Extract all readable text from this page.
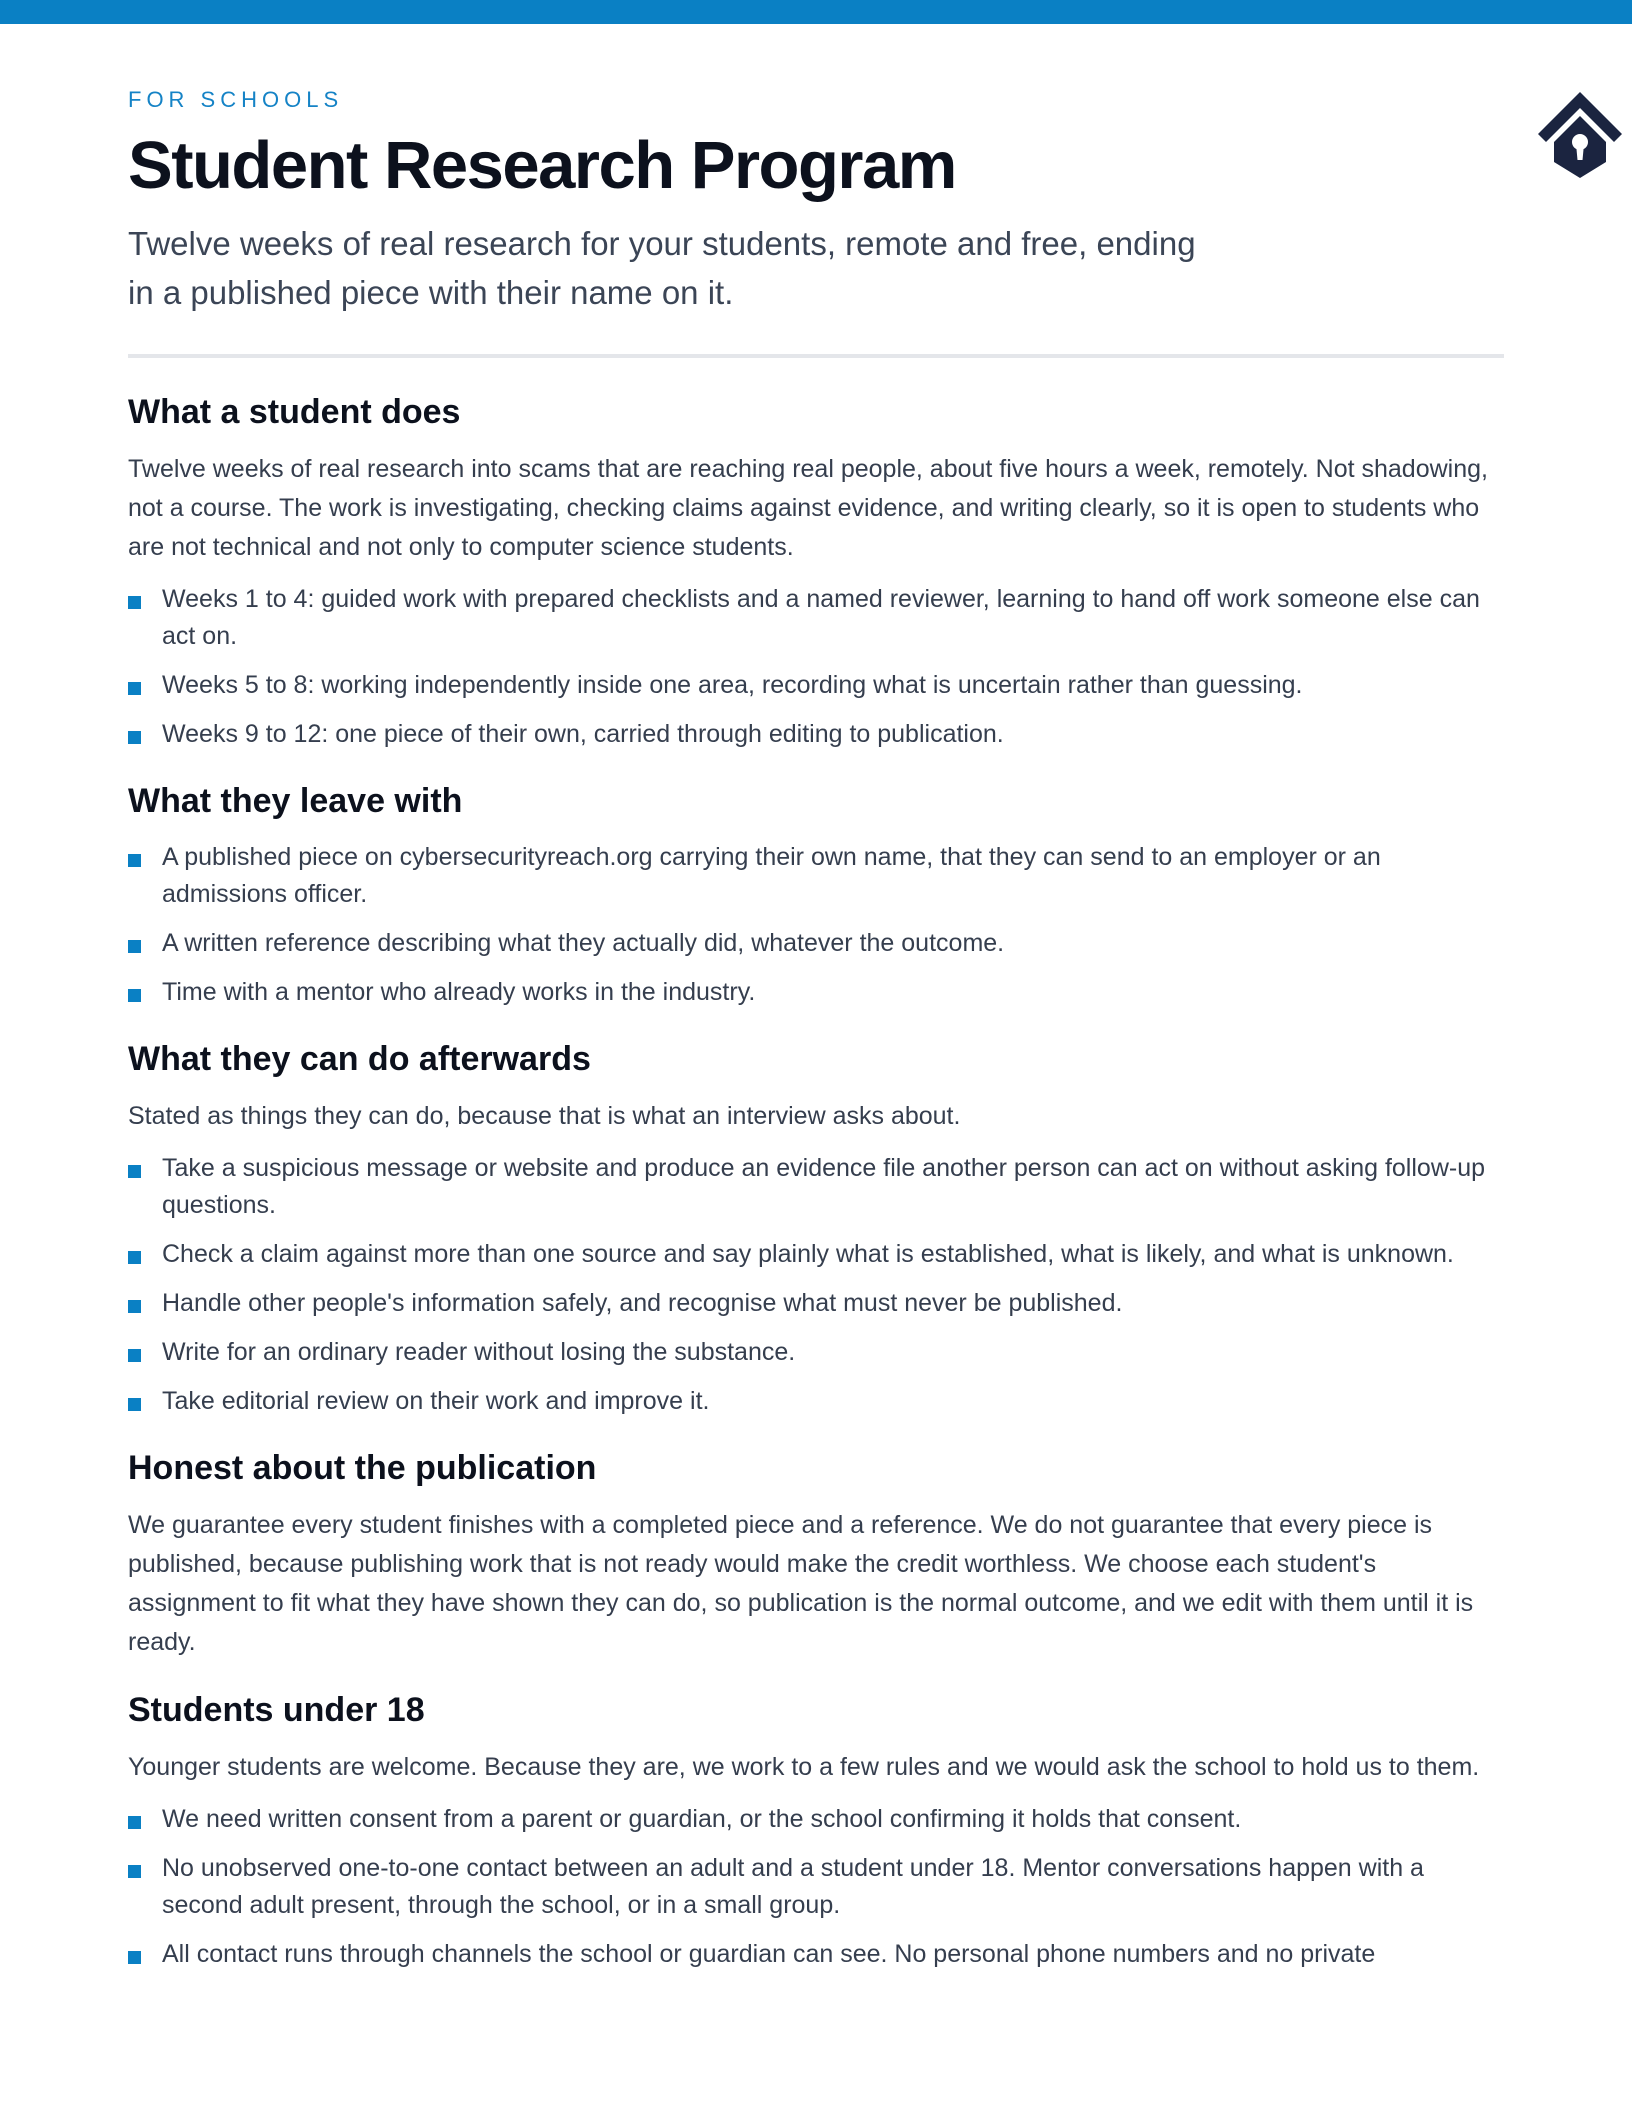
FOR SCHOOLS
Student Research Program

Twelve weeks of real research for your students, remote and free, ending in a published piece with their name on it.

What a student does

Twelve weeks of real research into scams that are reaching real people, about five hours a week, remotely. Not shadowing, not a course. The work is investigating, checking claims against evidence, and writing clearly, so it is open to students who are not technical and not only to computer science students.

Weeks 1 to 4: guided work with prepared checklists and a named reviewer, learning to hand off work someone else can act on.
Weeks 5 to 8: working independently inside one area, recording what is uncertain rather than guessing.
Weeks 9 to 12: one piece of their own, carried through editing to publication.
What they leave with
A published piece on cybersecurityreach.org carrying their own name, that they can send to an employer or an admissions officer.
A written reference describing what they actually did, whatever the outcome.
Time with a mentor who already works in the industry.
What they can do afterwards

Stated as things they can do, because that is what an interview asks about.

Take a suspicious message or website and produce an evidence file another person can act on without asking follow-up questions.
Check a claim against more than one source and say plainly what is established, what is likely, and what is unknown.
Handle other people's information safely, and recognise what must never be published.
Write for an ordinary reader without losing the substance.
Take editorial review on their work and improve it.
Honest about the publication

We guarantee every student finishes with a completed piece and a reference. We do not guarantee that every piece is published, because publishing work that is not ready would make the credit worthless. We choose each student's assignment to fit what they have shown they can do, so publication is the normal outcome, and we edit with them until it is ready.

Students under 18

Younger students are welcome. Because they are, we work to a few rules and we would ask the school to hold us to them.

We need written consent from a parent or guardian, or the school confirming it holds that consent.
No unobserved one-to-one contact between an adult and a student under 18. Mentor conversations happen with a second adult present, through the school, or in a small group.
All contact runs through channels the school or guardian can see. No personal phone numbers and no private
